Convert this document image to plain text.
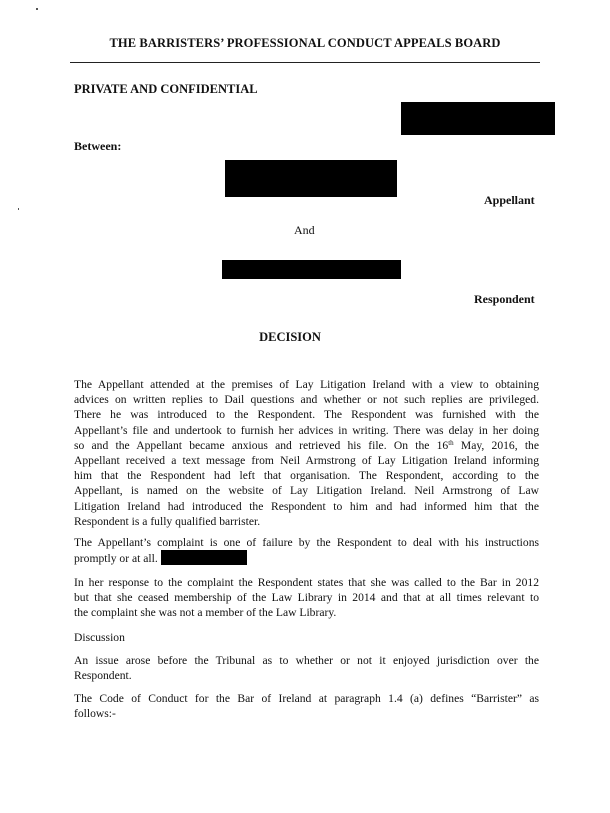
THE BARRISTERS’ PROFESSIONAL CONDUCT APPEALS BOARD
PRIVATE AND CONFIDENTIAL
Between:
Appellant
And
Respondent
DECISION
The Appellant attended at the premises of Lay Litigation Ireland with a view to obtaining
advices on written replies to Dail questions and whether or not such replies are privileged.
There he was introduced to the Respondent. The Respondent was furnished with the
Appellant’s file and undertook to furnish her advices in writing. There was delay in her doing
so and the Appellant became anxious and retrieved his file. On the 16th May, 2016, the
Appellant received a text message from Neil Armstrong of Lay Litigation Ireland informing
him that the Respondent had left that organisation. The Respondent, according to the
Appellant, is named on the website of Lay Litigation Ireland. Neil Armstrong of Law
Litigation Ireland had introduced the Respondent to him and had informed him that the
Respondent is a fully qualified barrister.
The Appellant’s complaint is one of failure by the Respondent to deal with his instructions
promptly or at all.
In her response to the complaint the Respondent states that she was called to the Bar in 2012
but that she ceased membership of the Law Library in 2014 and that at all times relevant to
the complaint she was not a member of the Law Library.
Discussion
An issue arose before the Tribunal as to whether or not it enjoyed jurisdiction over the
Respondent.
The Code of Conduct for the Bar of Ireland at paragraph 1.4 (a) defines “Barrister” as
follows:-
